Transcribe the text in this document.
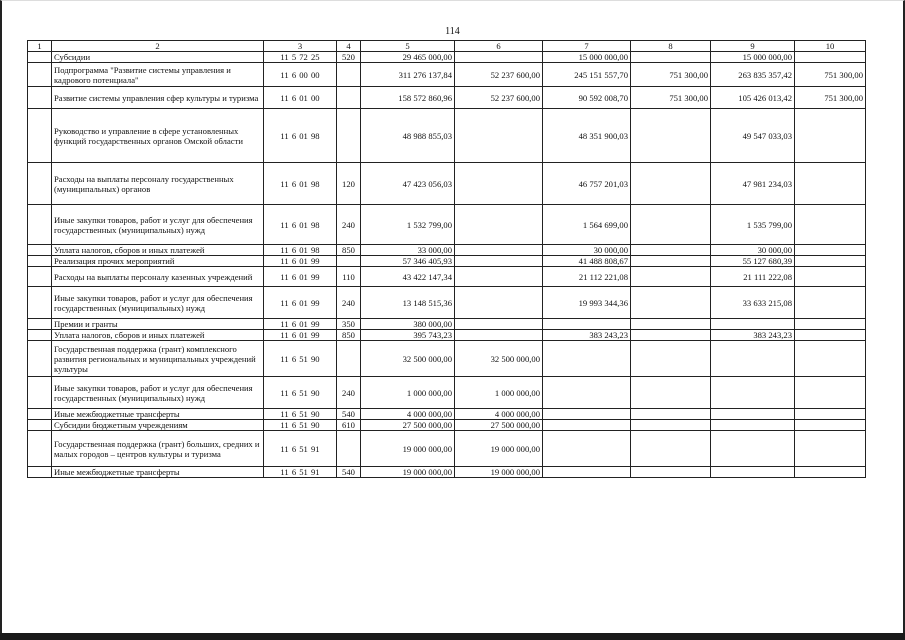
114
1	2	3	4	5	6	7	8	9	10
	Субсидии	11 5 72 25	520	29 465 000,00		15 000 000,00		15 000 000,00	
	Подпрограмма "Развитие системы управления и кадрового потенциала"	11 6 00 00		311 276 137,84	52 237 600,00	245 151 557,70	751 300,00	263 835 357,42	751 300,00
	Развитие системы управления сфер культуры и туризма	11 6 01 00		158 572 860,96	52 237 600,00	90 592 008,70	751 300,00	105 426 013,42	751 300,00
	Руководство и управление в сфере установленных функций государственных органов Омской области	11 6 01 98		48 988 855,03		48 351 900,03		49 547 033,03	
	Расходы на выплаты персоналу государственных (муниципальных) органов	11 6 01 98	120	47 423 056,03		46 757 201,03		47 981 234,03	
	Иные закупки товаров, работ и услуг для обеспечения государственных (муниципальных) нужд	11 6 01 98	240	1 532 799,00		1 564 699,00		1 535 799,00	
	Уплата налогов, сборов и иных платежей	11 6 01 98	850	33 000,00		30 000,00		30 000,00	
	Реализация прочих мероприятий	11 6 01 99		57 346 405,93		41 488 808,67		55 127 680,39	
	Расходы на выплаты персоналу казенных учреждений	11 6 01 99	110	43 422 147,34		21 112 221,08		21 111 222,08	
	Иные закупки товаров, работ и услуг для обеспечения государственных (муниципальных) нужд	11 6 01 99	240	13 148 515,36		19 993 344,36		33 633 215,08	
	Премии и гранты	11 6 01 99	350	380 000,00					
	Уплата налогов, сборов и иных платежей	11 6 01 99	850	395 743,23		383 243,23		383 243,23	
	Государственная поддержка (грант) комплексного развития региональных и муниципальных учреждений культуры	11 6 51 90		32 500 000,00	32 500 000,00				
	Иные закупки товаров, работ и услуг для обеспечения государственных (муниципальных) нужд	11 6 51 90	240	1 000 000,00	1 000 000,00				
	Иные межбюджетные трансферты	11 6 51 90	540	4 000 000,00	4 000 000,00				
	Субсидии бюджетным учреждениям	11 6 51 90	610	27 500 000,00	27 500 000,00				
	Государственная поддержка (грант) больших, средних и малых городов – центров культуры и туризма	11 6 51 91		19 000 000,00	19 000 000,00				
	Иные межбюджетные трансферты	11 6 51 91	540	19 000 000,00	19 000 000,00				
